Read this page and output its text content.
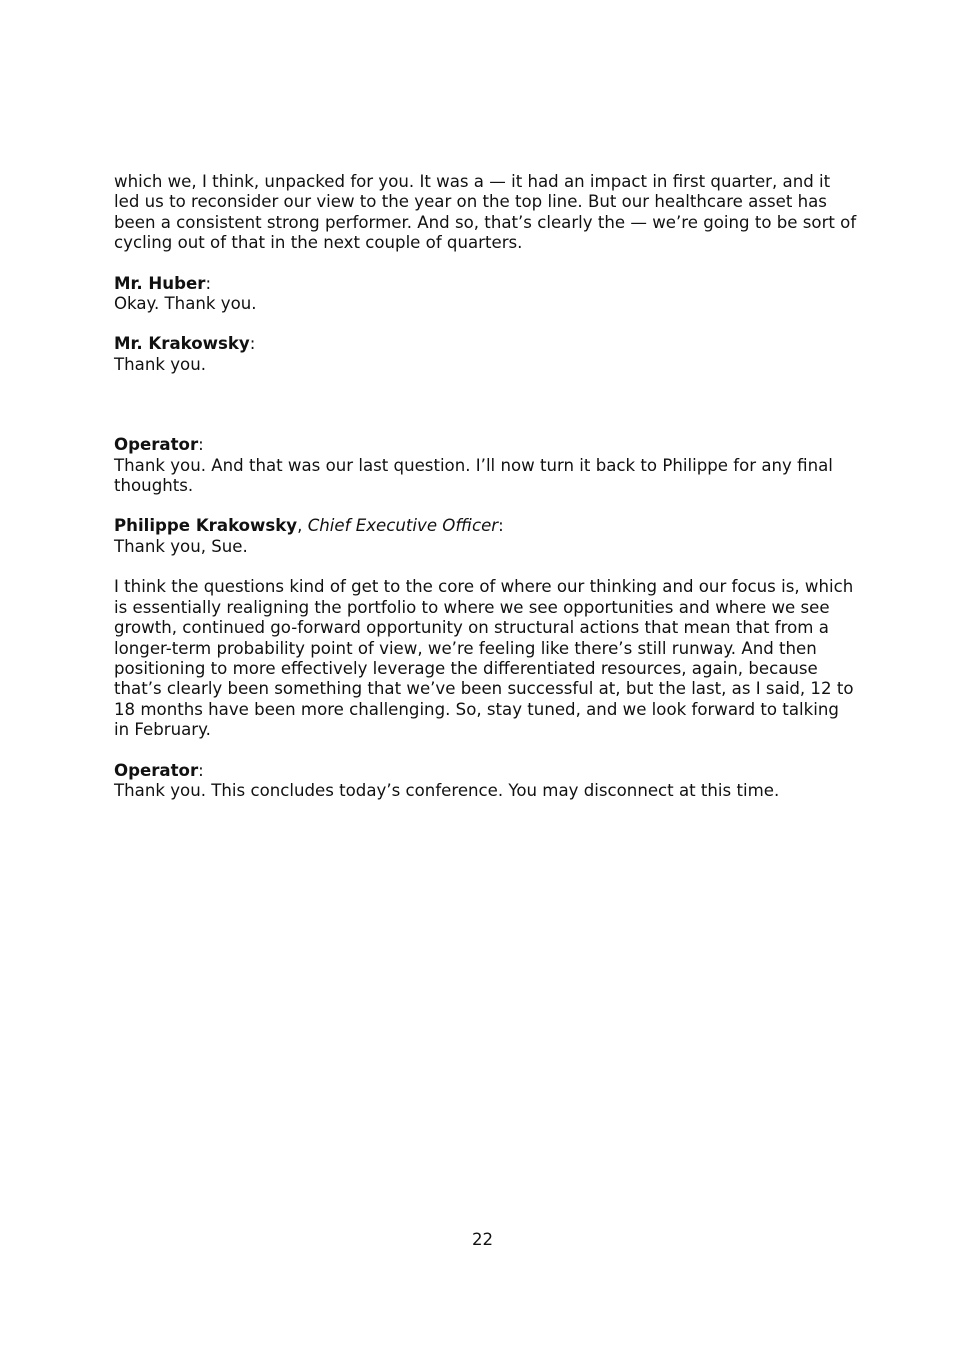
which we, I think, unpacked for you. It was a — it had an impact in first quarter, and it led us to reconsider our view to the year on the top line. But our healthcare asset has been a consistent strong performer. And so, that’s clearly the — we’re going to be sort of cycling out of that in the next couple of quarters.

Mr. Huber:
Okay. Thank you.
Mr. Krakowsky:
Thank you.
Operator:
Thank you. And that was our last question. I’ll now turn it back to Philippe for any final thoughts.
Philippe Krakowsky, Chief Executive Officer:
Thank you, Sue.

I think the questions kind of get to the core of where our thinking and our focus is, which is essentially realigning the portfolio to where we see opportunities and where we see growth, continued go-forward opportunity on structural actions that mean that from a longer-term probability point of view, we’re feeling like there’s still runway. And then positioning to more effectively leverage the differentiated resources, again, because that’s clearly been something that we’ve been successful at, but the last, as I said, 12 to 18 months have been more challenging. So, stay tuned, and we look forward to talking in February.

Operator:
Thank you. This concludes today’s conference. You may disconnect at this time.
22
